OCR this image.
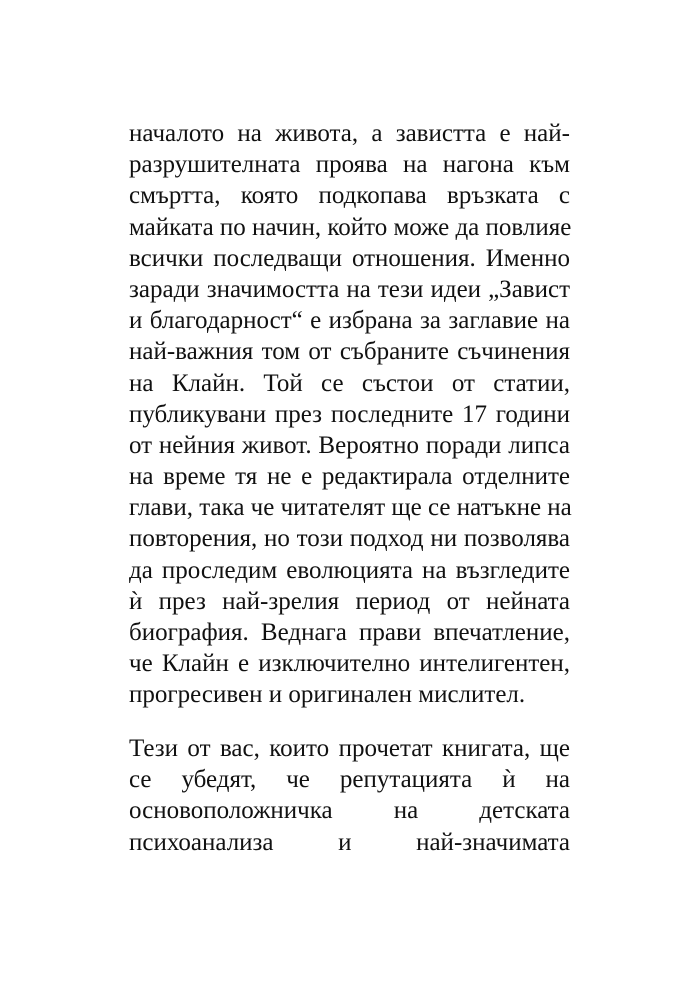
началото на живота, а завистта е най-
разрушителната проява на нагона към
смъртта, която подкопава връзката с
майката по начин, който може да повлияе
всички последващи отношения. Именно
заради значимостта на тези идеи „Завист
и благодарност“ е избрана за заглавие на
най-важния том от събраните съчинения
на Клайн. Той се състои от статии,
публикувани през последните 17 години
от нейния живот. Вероятно поради липса
на време тя не е редактирала отделните
глави, така че читателят ще се натъкне на
повторения, но този подход ни позволява
да проследим еволюцията на възгледите
ѝ през най-зрелия период от нейната
биография. Веднага прави впечатление,
че Клайн е изключително интелигентен,
прогресивен и оригинален мислител.
Тези от вас, които прочетат книгата, ще
се убедят, че репутацията ѝ на
основоположничка на детската
психоанализа и най-значимата
